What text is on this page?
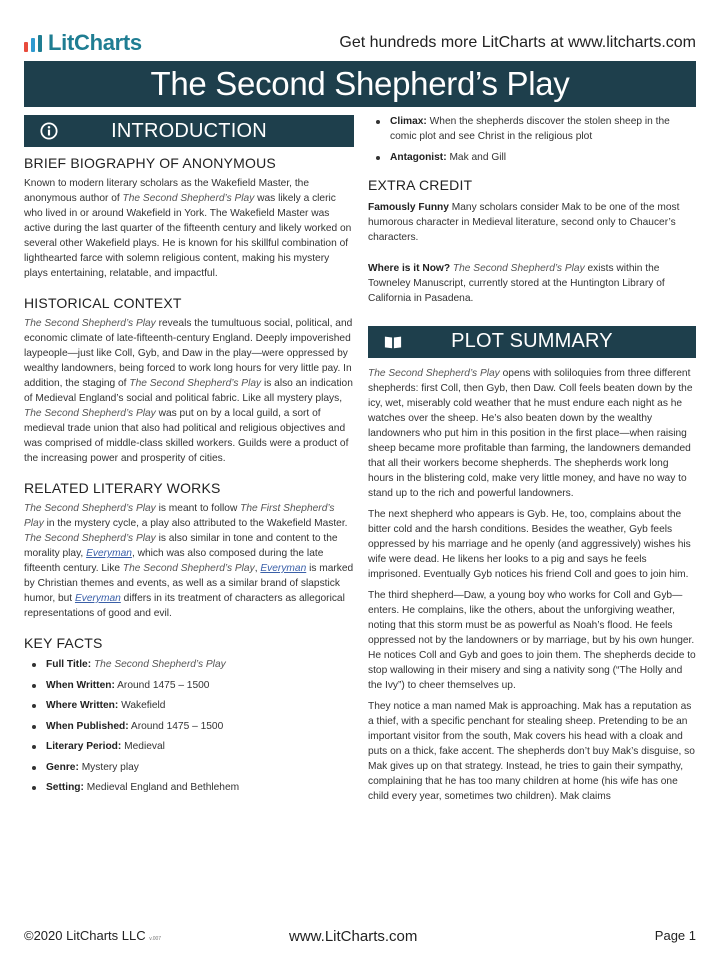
LitCharts	Get hundreds more LitCharts at www.litcharts.com
The Second Shepherd’s Play
INTRODUCTION
BRIEF BIOGRAPHY OF ANONYMOUS

Known to modern literary scholars as the Wakefield Master, the anonymous author of The Second Shepherd’s Play was likely a cleric who lived in or around Wakefield in York. The Wakefield Master was active during the last quarter of the fifteenth century and likely worked on several other Wakefield plays. He is known for his skillful combination of lighthearted farce with solemn religious content, making his mystery plays entertaining, relatable, and impactful.

HISTORICAL CONTEXT

The Second Shepherd’s Play reveals the tumultuous social, political, and economic climate of late-fifteenth-century England. Deeply impoverished laypeople—just like Coll, Gyb, and Daw in the play—were oppressed by wealthy landowners, being forced to work long hours for very little pay. In addition, the staging of The Second Shepherd’s Play is also an indication of Medieval England’s social and political fabric. Like all mystery plays, The Second Shepherd’s Play was put on by a local guild, a sort of medieval trade union that also had political and religious objectives and was comprised of middle-class skilled workers. Guilds were a product of the increasing power and prosperity of cities.

RELATED LITERARY WORKS

The Second Shepherd’s Play is meant to follow The First Shepherd’s Play in the mystery cycle, a play also attributed to the Wakefield Master. The Second Shepherd’s Play is also similar in tone and content to the morality play, Everyman, which was also composed during the late fifteenth century. Like The Second Shepherd’s Play, Everyman is marked by Christian themes and events, as well as a similar brand of slapstick humor, but Everyman differs in its treatment of characters as allegorical representations of good and evil.

KEY FACTS
Full Title: The Second Shepherd’s Play
When Written: Around 1475 – 1500
Where Written: Wakefield
When Published: Around 1475 – 1500
Literary Period: Medieval
Genre: Mystery play
Setting: Medieval England and Bethlehem
Climax: When the shepherds discover the stolen sheep in the comic plot and see Christ in the religious plot
Antagonist: Mak and Gill
EXTRA CREDIT

Famously Funny Many scholars consider Mak to be one of the most humorous character in Medieval literature, second only to Chaucer’s characters.

Where is it Now? The Second Shepherd’s Play exists within the Towneley Manuscript, currently stored at the Huntington Library of California in Pasadena.

PLOT SUMMARY

The Second Shepherd’s Play opens with soliloquies from three different shepherds: first Coll, then Gyb, then Daw. Coll feels beaten down by the icy, wet, miserably cold weather that he must endure each night as he watches over the sheep. He’s also beaten down by the wealthy landowners who put him in this position in the first place—when raising sheep became more profitable than farming, the landowners demanded that all their workers become shepherds. The shepherds work long hours in the blistering cold, make very little money, and have no way to stand up to the rich and powerful landowners.

The next shepherd who appears is Gyb. He, too, complains about the bitter cold and the harsh conditions. Besides the weather, Gyb feels oppressed by his marriage and he openly (and aggressively) wishes his wife were dead. He likens her looks to a pig and says he feels imprisoned. Eventually Gyb notices his friend Coll and goes to join him.

The third shepherd—Daw, a young boy who works for Coll and Gyb—enters. He complains, like the others, about the unforgiving weather, noting that this storm must be as powerful as Noah’s flood. He feels oppressed not by the landowners or by marriage, but by his own hunger. He notices Coll and Gyb and goes to join them. The shepherds decide to stop wallowing in their misery and sing a nativity song (“The Holly and the Ivy”) to cheer themselves up.

They notice a man named Mak is approaching. Mak has a reputation as a thief, with a specific penchant for stealing sheep. Pretending to be an important visitor from the south, Mak covers his head with a cloak and puts on a thick, fake accent. The shepherds don’t buy Mak’s disguise, so Mak gives up on that strategy. Instead, he tries to gain their sympathy, complaining that he has too many children at home (his wife has one child every year, sometimes two children). Mak claims

©2020 LitCharts LLC v.007	www.LitCharts.com	Page 1
